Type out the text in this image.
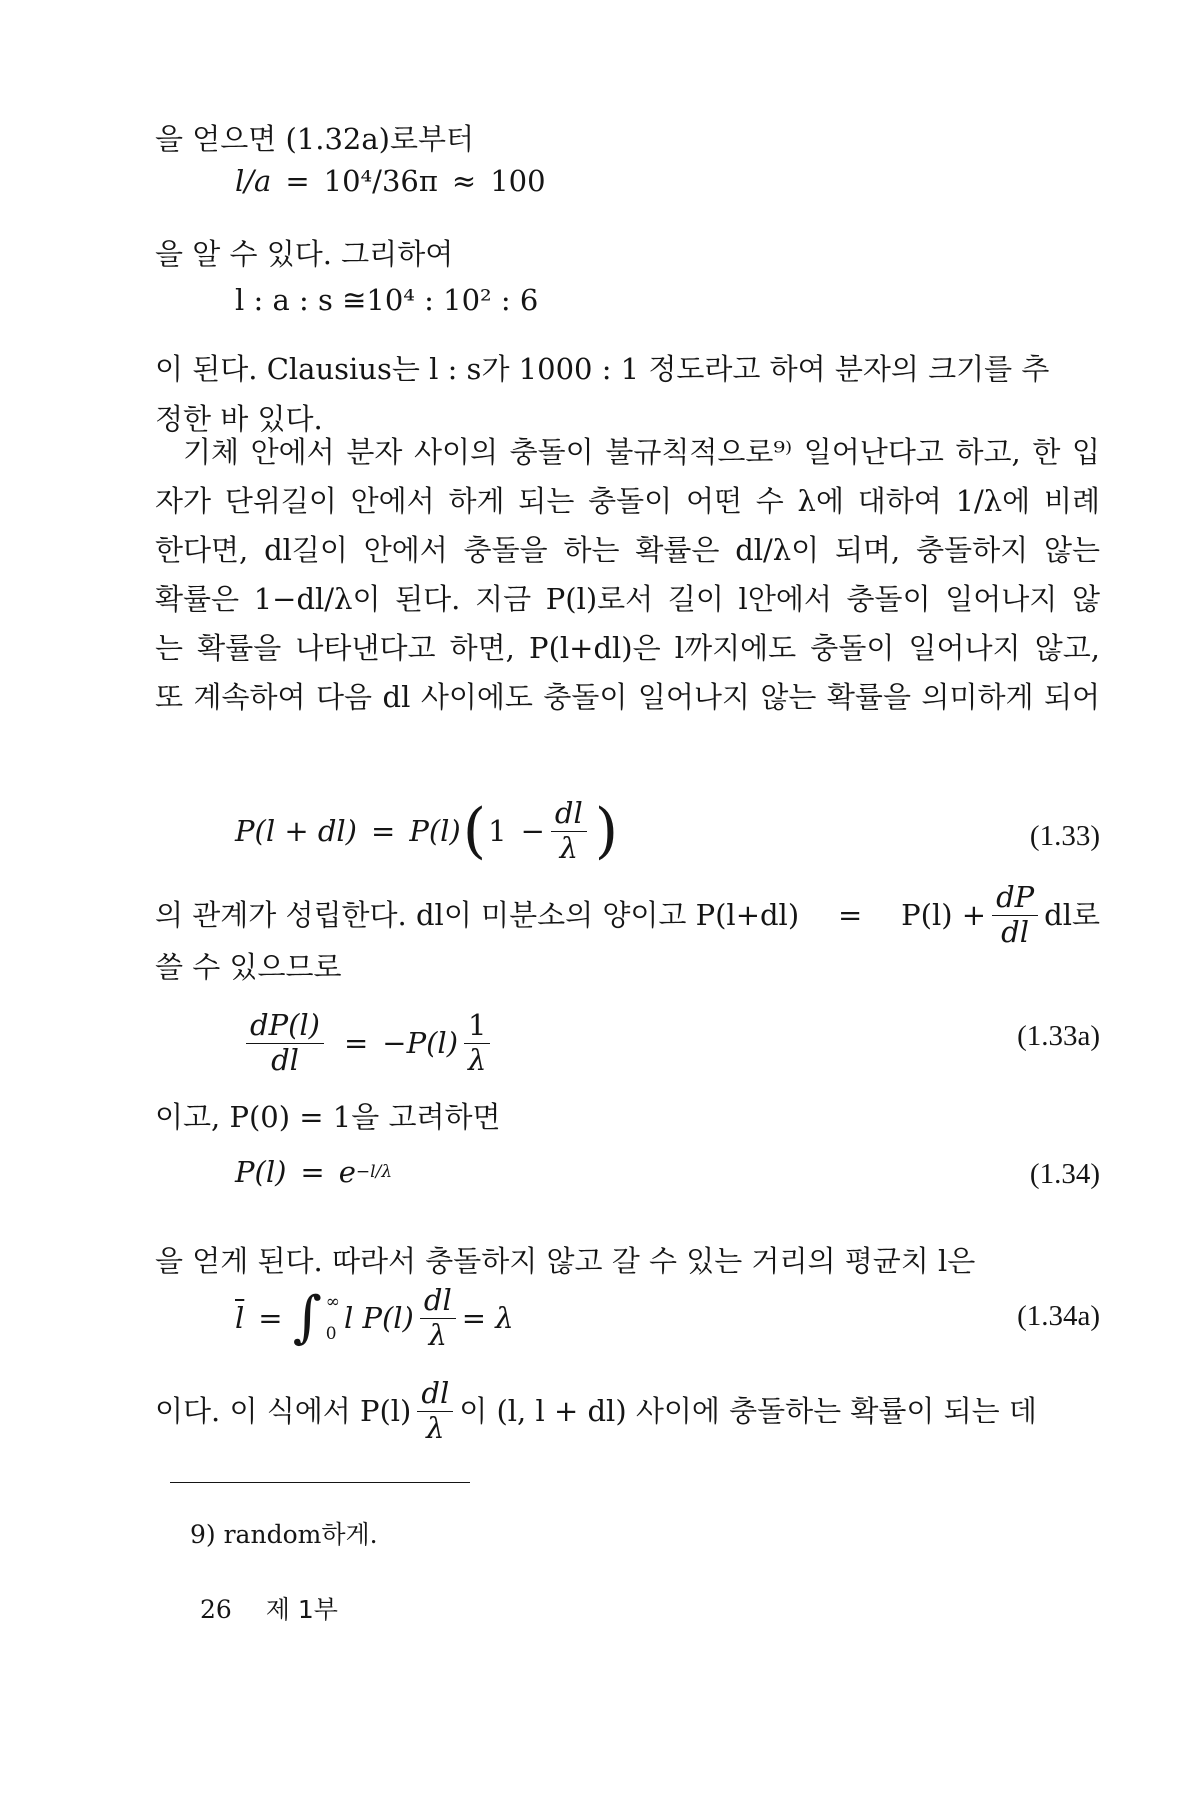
을 얻으면 (1.32a)로부터
l/a = 10⁴/36π ≈ 100
을 알 수 있다. 그리하여
l : a : s ≅10⁴ : 10² : 6
이 된다. Clausius는 l : s가 1000 : 1 정도라고 하여 분자의 크기를 추
정한 바 있다.
기체 안에서 분자 사이의 충돌이 불규칙적으로⁹⁾ 일어난다고 하고, 한 입
자가 단위길이 안에서 하게 되는 충돌이 어떤 수 λ에 대하여 1/λ에 비례
한다면, dl길이 안에서 충돌을 하는 확률은 dl/λ이 되며, 충돌하지 않는
확률은 1−dl/λ이 된다. 지금 P(l)로서 길이 l안에서 충돌이 일어나지 않
는 확률을 나타낸다고 하면, P(l+dl)은 l까지에도 충돌이 일어나지 않고,
또 계속하여 다음 dl 사이에도 충돌이 일어나지 않는 확률을 의미하게 되어
P(l + dl) = P(l) ( $1 - \frac{dl}{\lambda}$ )	(1.33)
의 관계가 성립한다. dl이 미분소의 양이고 $P(l+dl) = P(l) + \frac{dP}{dl}$ dl로
쓸 수 있으므로
$\frac{dP(l)}{dl} = -P(l) \frac{1}{\lambda}$	(1.33a)
이고, P(0) = 1을 고려하면
P(l) = e −l/λ	(1.34)
을 얻게 된다. 따라서 충돌하지 않고 갈 수 있는 거리의 평균치 l은
$\overline{l}$ = ∫ ∞
0 l $P(l) \frac{dl}{\lambda} = \lambda$	(1.34a)
이다. 이 식에서 $P(l) \frac{dl}{\lambda}$ 이 (l, l + dl) 사이에 충돌하는 확률이 되는 데
9) random하게.
26 제 1부
